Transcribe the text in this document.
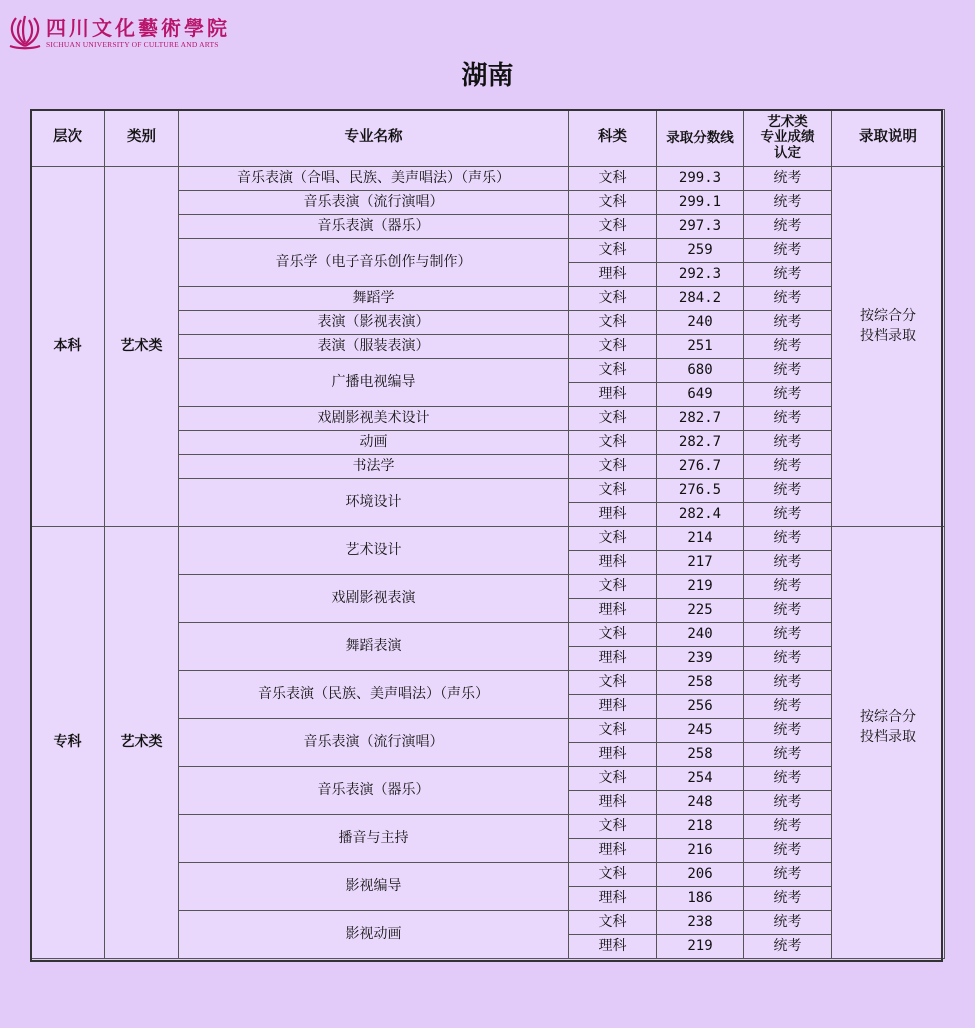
四川文化藝術學院
SICHUAN UNIVERSITY OF CULTURE AND ARTS
湖南
层次	类别	专业名称	科类	录取分数线	艺术类
专业成绩
认定	录取说明
本科	艺术类	音乐表演（合唱、民族、美声唱法）（声乐）	文科	299.3	统考	按综合分
投档录取

		音乐表演（流行演唱）	文科	299.1	统考	
		音乐表演（器乐）	文科	297.3	统考	
		音乐学（电子音乐创作与制作）	文科	259	统考	
			理科	292.3	统考	
		舞蹈学	文科	284.2	统考	
		表演（影视表演）	文科	240	统考	
		表演（服装表演）	文科	251	统考	
		广播电视编导	文科	680	统考	
			理科	649	统考	
		戏剧影视美术设计	文科	282.7	统考	
		动画	文科	282.7	统考	
		书法学	文科	276.7	统考	
		环境设计	文科	276.5	统考	
			理科	282.4	统考	
专科	艺术类	艺术设计	文科	214	统考	按综合分
投档录取

			理科	217	统考	
		戏剧影视表演	文科	219	统考	
			理科	225	统考	
		舞蹈表演	文科	240	统考	
			理科	239	统考	
		音乐表演（民族、美声唱法）（声乐）	文科	258	统考	
			理科	256	统考	
		音乐表演（流行演唱）	文科	245	统考	
			理科	258	统考	
		音乐表演（器乐）	文科	254	统考	
			理科	248	统考	
		播音与主持	文科	218	统考	
			理科	216	统考	
		影视编导	文科	206	统考	
			理科	186	统考	
		影视动画	文科	238	统考	
			理科	219	统考	
